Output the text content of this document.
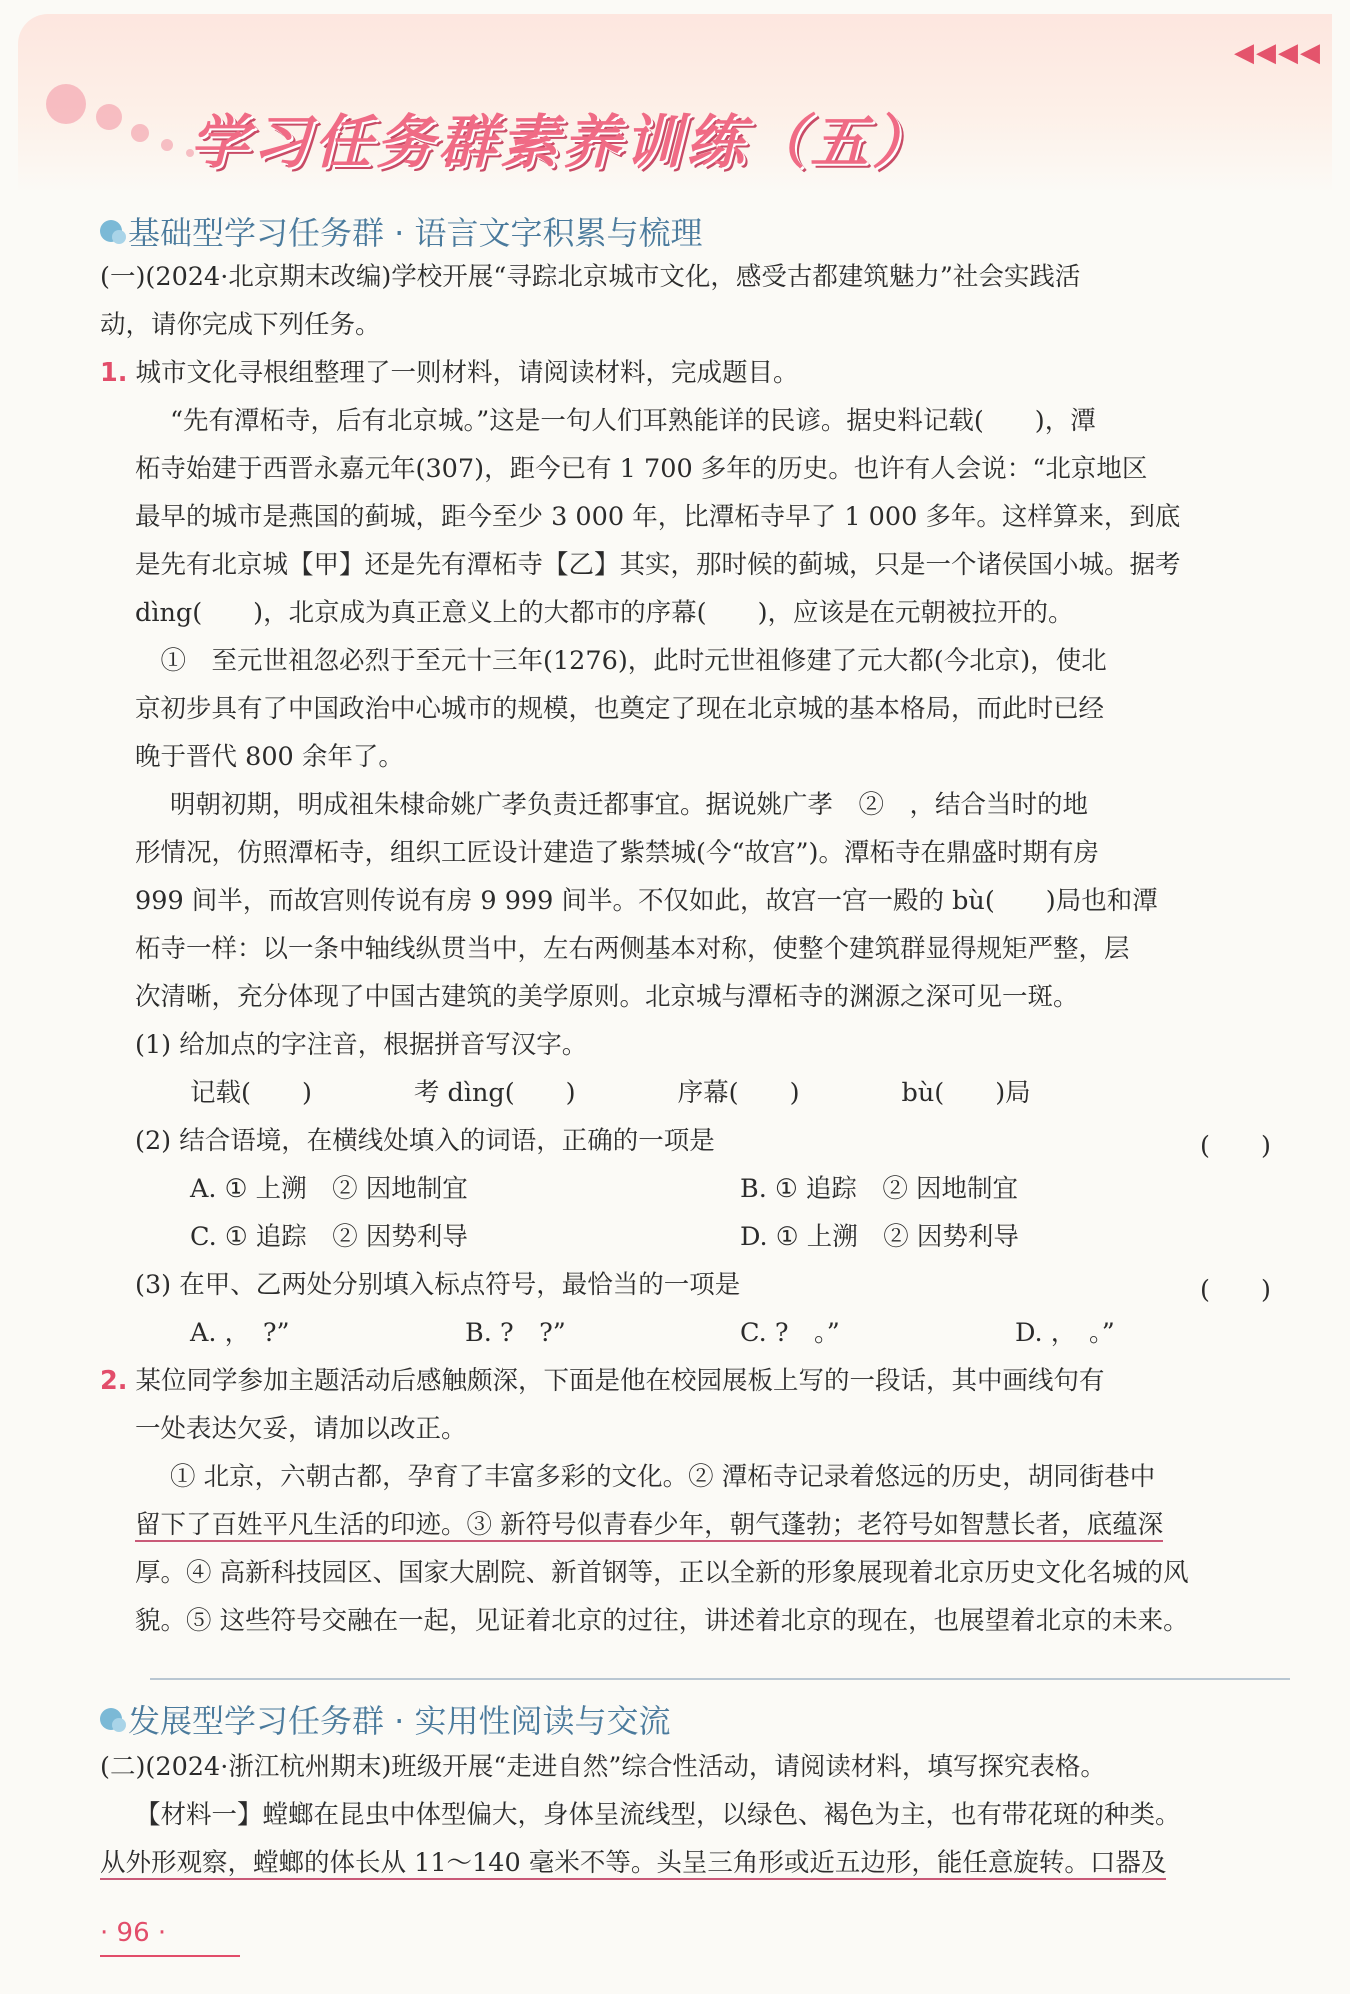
◀◀◀◀
学习任务群素养训练（五）
基础型学习任务群 · 语言文字积累与梳理
(一)(2024·北京期末改编)学校开展“寻踪北京城市文化，感受古都建筑魅力”社会实践活
动，请你完成下列任务。
1. 城市文化寻根组整理了一则材料，请阅读材料，完成题目。
“先有潭柘寺，后有北京城。”这是一句人们耳熟能详的民谚。据史料记载(　　)，潭
柘寺始建于西晋永嘉元年(307)，距今已有 1 700 多年的历史。也许有人会说：“北京地区
最早的城市是燕国的蓟城，距今至少 3 000 年，比潭柘寺早了 1 000 多年。这样算来，到底
是先有北京城【甲】还是先有潭柘寺【乙】其实，那时候的蓟城，只是一个诸侯国小城。据考
dìng(　　)，北京成为真正意义上的大都市的序幕(　　)，应该是在元朝被拉开的。
　①　至元世祖忽必烈于至元十三年(1276)，此时元世祖修建了元大都(今北京)，使北
京初步具有了中国政治中心城市的规模，也奠定了现在北京城的基本格局，而此时已经
晚于晋代 800 余年了。
明朝初期，明成祖朱棣命姚广孝负责迁都事宜。据说姚广孝　②　，结合当时的地
形情况，仿照潭柘寺，组织工匠设计建造了紫禁城(今“故宫”)。潭柘寺在鼎盛时期有房
999 间半，而故宫则传说有房 9 999 间半。不仅如此，故宫一宫一殿的 bù(　　)局也和潭
柘寺一样：以一条中轴线纵贯当中，左右两侧基本对称，使整个建筑群显得规矩严整，层
次清晰，充分体现了中国古建筑的美学原则。北京城与潭柘寺的渊源之深可见一斑。
(1) 给加点的字注音，根据拼音写汉字。
记载(　　)　　　　考 dìng(　　)　　　　序幕(　　)　　　　bù(　　)局
(2) 结合语境，在横线处填入的词语，正确的一项是	(　　)
A. ① 上溯　② 因地制宜	B. ① 追踪　② 因地制宜
C. ① 追踪　② 因势利导	D. ① 上溯　② 因势利导
(3) 在甲、乙两处分别填入标点符号，最恰当的一项是	(　　)
A. ，　?”	B. ?　?”	C. ?　。”	D. ，　。”
2. 某位同学参加主题活动后感触颇深，下面是他在校园展板上写的一段话，其中画线句有
一处表达欠妥，请加以改正。
① 北京，六朝古都，孕育了丰富多彩的文化。② 潭柘寺记录着悠远的历史，胡同街巷中
留下了百姓平凡生活的印迹。③ 新符号似青春少年，朝气蓬勃；老符号如智慧长者，底蕴深
厚。④ 高新科技园区、国家大剧院、新首钢等，正以全新的形象展现着北京历史文化名城的风
貌。⑤ 这些符号交融在一起，见证着北京的过往，讲述着北京的现在，也展望着北京的未来。
发展型学习任务群 · 实用性阅读与交流
(二)(2024·浙江杭州期末)班级开展“走进自然”综合性活动，请阅读材料，填写探究表格。
【材料一】螳螂在昆虫中体型偏大，身体呈流线型，以绿色、褐色为主，也有带花斑的种类。
从外形观察，螳螂的体长从 11～140 毫米不等。头呈三角形或近五边形，能任意旋转。口器及
· 96 ·
